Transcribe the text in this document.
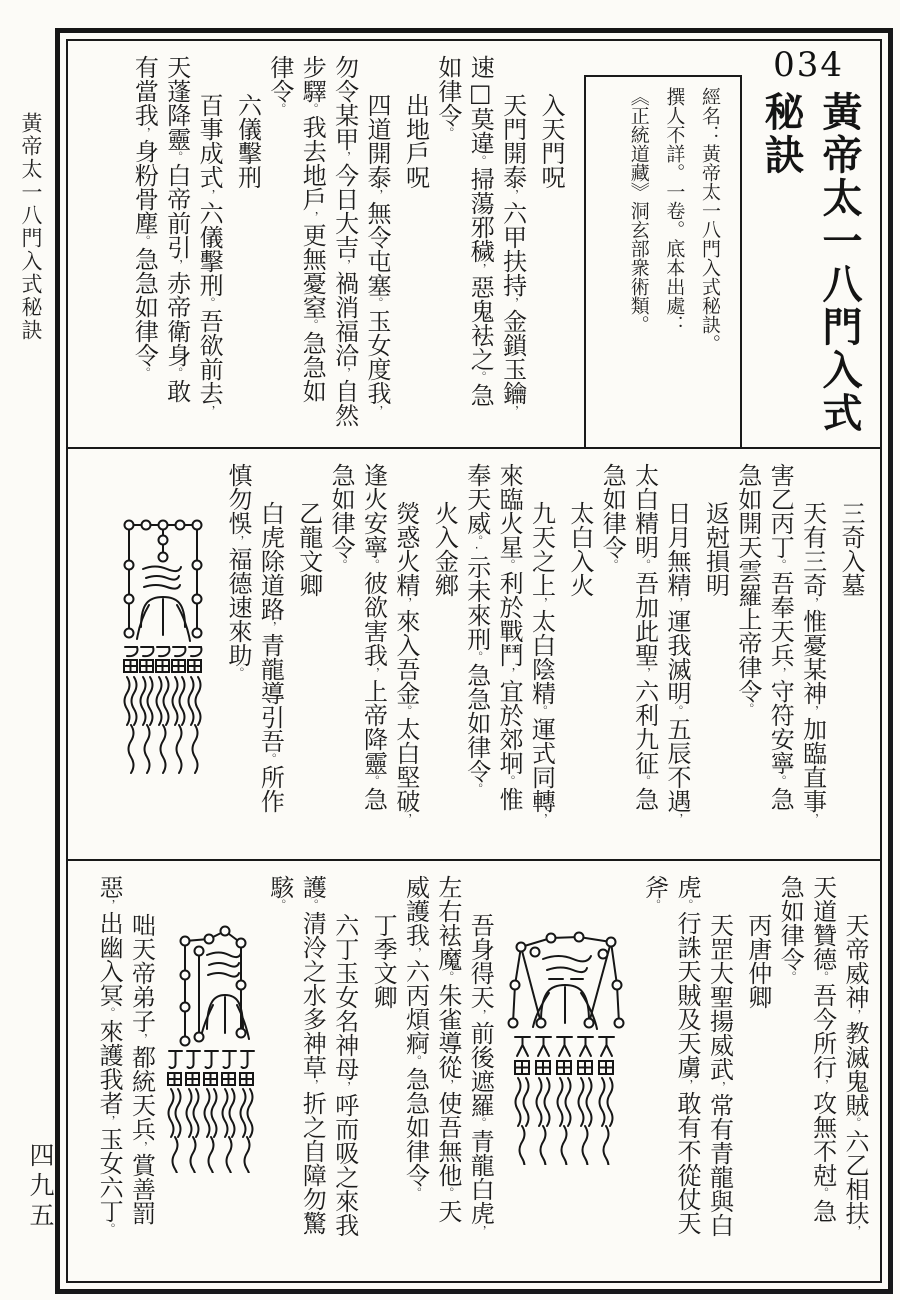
黃帝太一八門入式秘訣
四九五
034
黃帝太一八門入式
秘訣
經名：黃帝太一八門入式秘訣。
撰人不詳。一卷。底本出處：
《正統道藏》洞玄部衆術類。
入天門呪
天門開泰，六甲扶持，金鎖玉鑰，
速□莫違。掃蕩邪穢，惡鬼袪之。急
如律令。
出地戶呪
四道開泰，無令屯塞。玉女度我，
勿令某甲，今日大吉，禍消福洽，自然
步驛。我去地戶，更無憂窒。急急如
律令。
六儀擊刑
百事成式，六儀擊刑。吾欲前去，
天蓬降靈。白帝前引，赤帝衛身。敢
有當我，身粉骨塵。急急如律令。
三奇入墓
天有三奇，惟憂某神，加臨直事，
害乙丙丁。吾奉天兵，守符安寧。急
急如開天雲羅上帝律令。
返尅損明
日月無精，運我滅明。五辰不遇，
太白精明。吾加此聖，六利九征。急
急如律令。
太白入火
九天之上，太白陰精。運式同轉，
來臨火星。利於戰鬥，宜於郊坰。惟
奉天威。·示未來刑。急急如律令。
火入金鄉
熒惑火精，來入吾金。太白堅破，
逢火安寧。彼欲害我，上帝降靈。急
急如律令。
乙龍文卿
白虎除道路，青龍導引吾。所作
慎勿悞，福德速來助。
天帝威神，教滅鬼賊。六乙相扶，
天道贊德。吾今所行，攻無不尅。急
急如律令。
丙唐仲卿
天罡大聖揚威武，常有青龍與白
虎。行誅天賊及天虜，敢有不從仗天
斧。
吾身得天，前後遮羅。青龍白虎，
左右袪魔。朱雀導從，使吾無他。天
威護我，六丙煩痾。急急如律令。
丁季文卿
六丁玉女名神母，呼而吸之來我
護。清泠之水多神草，折之自障勿驚
駭。
咄天帝弟子，都統天兵，賞善罰
惡，出幽入冥。來護我者，玉女六丁。
